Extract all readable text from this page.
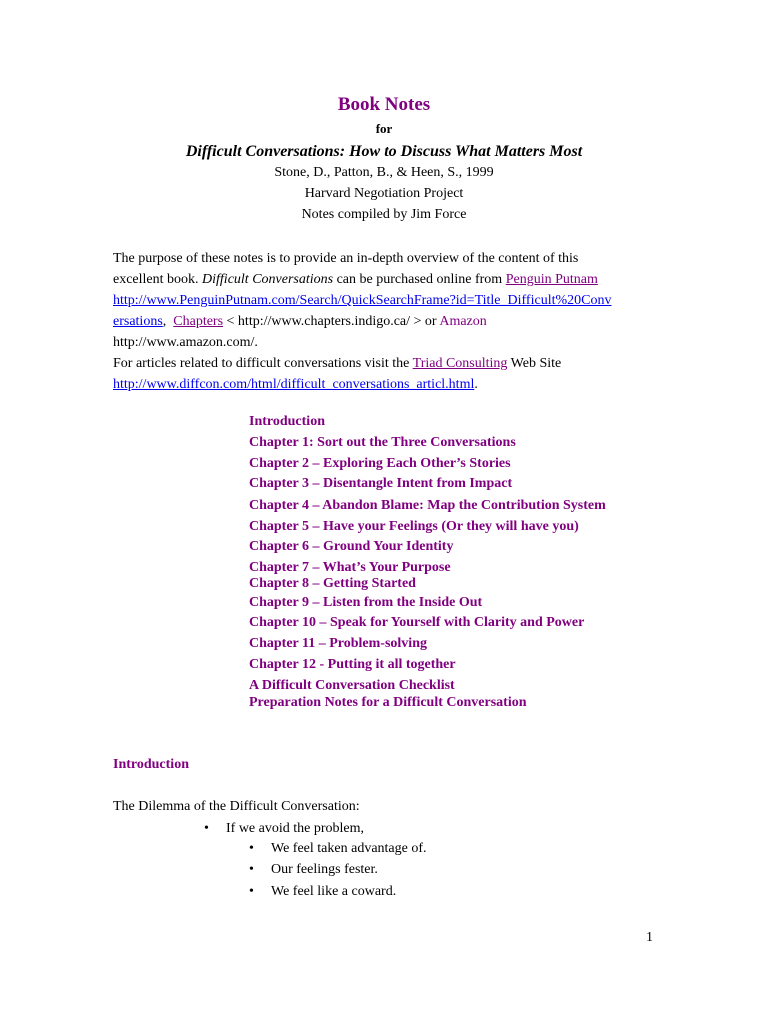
Book Notes
for
Difficult Conversations: How to Discuss What Matters Most
Stone, D., Patton, B., & Heen, S., 1999
Harvard Negotiation Project
Notes compiled by Jim Force
The purpose of these notes is to provide an in-depth overview of the content of this
excellent book. Difficult Conversations can be purchased online from Penguin Putnam
http://www.PenguinPutnam.com/Search/QuickSearchFrame?id=Title_Difficult%20Conv
ersations,  Chapters < http://www.chapters.indigo.ca/ > or Amazon
http://www.amazon.com/.
For articles related to difficult conversations visit the Triad Consulting Web Site
http://www.diffcon.com/html/difficult_conversations_articl.html.
Introduction
Chapter 1: Sort out the Three Conversations
Chapter 2 – Exploring Each Other’s Stories
Chapter 3 – Disentangle Intent from Impact
Chapter 4 – Abandon Blame: Map the Contribution System
Chapter 5 – Have your Feelings (Or they will have you)
Chapter 6 – Ground Your Identity
Chapter 7 – What’s Your Purpose
Chapter 8 – Getting Started
Chapter 9 – Listen from the Inside Out
Chapter 10 – Speak for Yourself with Clarity and Power
Chapter 11 – Problem-solving
Chapter 12 - Putting it all together
A Difficult Conversation Checklist
Preparation Notes for a Difficult Conversation
Introduction
The Dilemma of the Difficult Conversation:
• If we avoid the problem,
• We feel taken advantage of.
• Our feelings fester.
• We feel like a coward.
1
